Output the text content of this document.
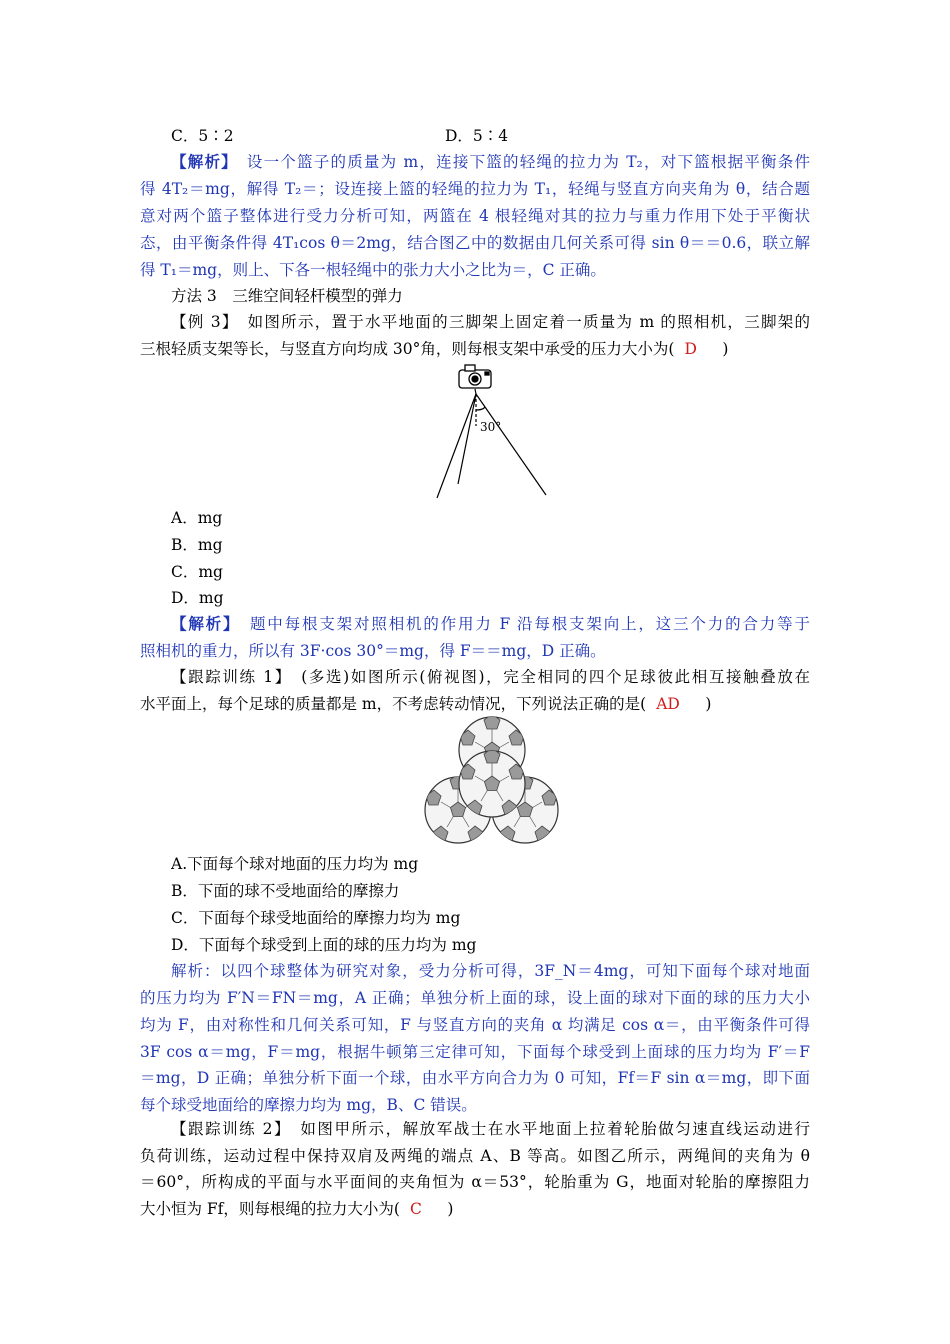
C．5∶2	D．5∶4
【解析】　设一个篮子的质量为 m，连接下篮的轻绳的拉力为 T₂，对下篮根据平衡条件
得 4T₂＝mg，解得 T₂＝；设连接上篮的轻绳的拉力为 T₁，轻绳与竖直方向夹角为 θ，结合题
意对两个篮子整体进行受力分析可知，两篮在 4 根轻绳对其的拉力与重力作用下处于平衡状
态，由平衡条件得 4T₁cos θ＝2mg，结合图乙中的数据由几何关系可得 sin θ＝＝0.6，联立解
得 T₁＝mg，则上、下各一根轻绳中的张力大小之比为＝，C 正确。
方法 3　三维空间轻杆模型的弹力
【例 3】　如图所示，置于水平地面的三脚架上固定着一质量为 m 的照相机，三脚架的
三根轻质支架等长，与竖直方向均成 30°角，则每根支架中承受的压力大小为( D　)
A．mg
B．mg
C．mg
D．mg
【解析】　题中每根支架对照相机的作用力 F 沿每根支架向上，这三个力的合力等于
照相机的重力，所以有 3F·cos 30°＝mg，得 F＝＝mg，D 正确。
【跟踪训练 1】　(多选)如图所示(俯视图)，完全相同的四个足球彼此相互接触叠放在
水平面上，每个足球的质量都是 m，不考虑转动情况，下列说法正确的是( AD　)
A.下面每个球对地面的压力均为 mg
B．下面的球不受地面给的摩擦力
C．下面每个球受地面给的摩擦力均为 mg
D．下面每个球受到上面的球的压力均为 mg
解析：以四个球整体为研究对象，受力分析可得，3F_N＝4mg，可知下面每个球对地面
的压力均为 F′N＝FN＝mg，A 正确；单独分析上面的球，设上面的球对下面的球的压力大小
均为 F，由对称性和几何关系可知，F 与竖直方向的夹角 α 均满足 cos α＝，由平衡条件可得
3F cos α＝mg，F＝mg，根据牛顿第三定律可知，下面每个球受到上面球的压力均为 F′＝F
＝mg，D 正确；单独分析下面一个球，由水平方向合力为 0 可知，Ff＝F sin α＝mg，即下面
每个球受地面给的摩擦力均为 mg，B、C 错误。
【跟踪训练 2】　如图甲所示，解放军战士在水平地面上拉着轮胎做匀速直线运动进行
负荷训练，运动过程中保持双肩及两绳的端点 A、B 等高。如图乙所示，两绳间的夹角为 θ
＝60°，所构成的平面与水平面间的夹角恒为 α＝53°，轮胎重为 G，地面对轮胎的摩擦阻力
大小恒为 Ff，则每根绳的拉力大小为( C　)
30°
